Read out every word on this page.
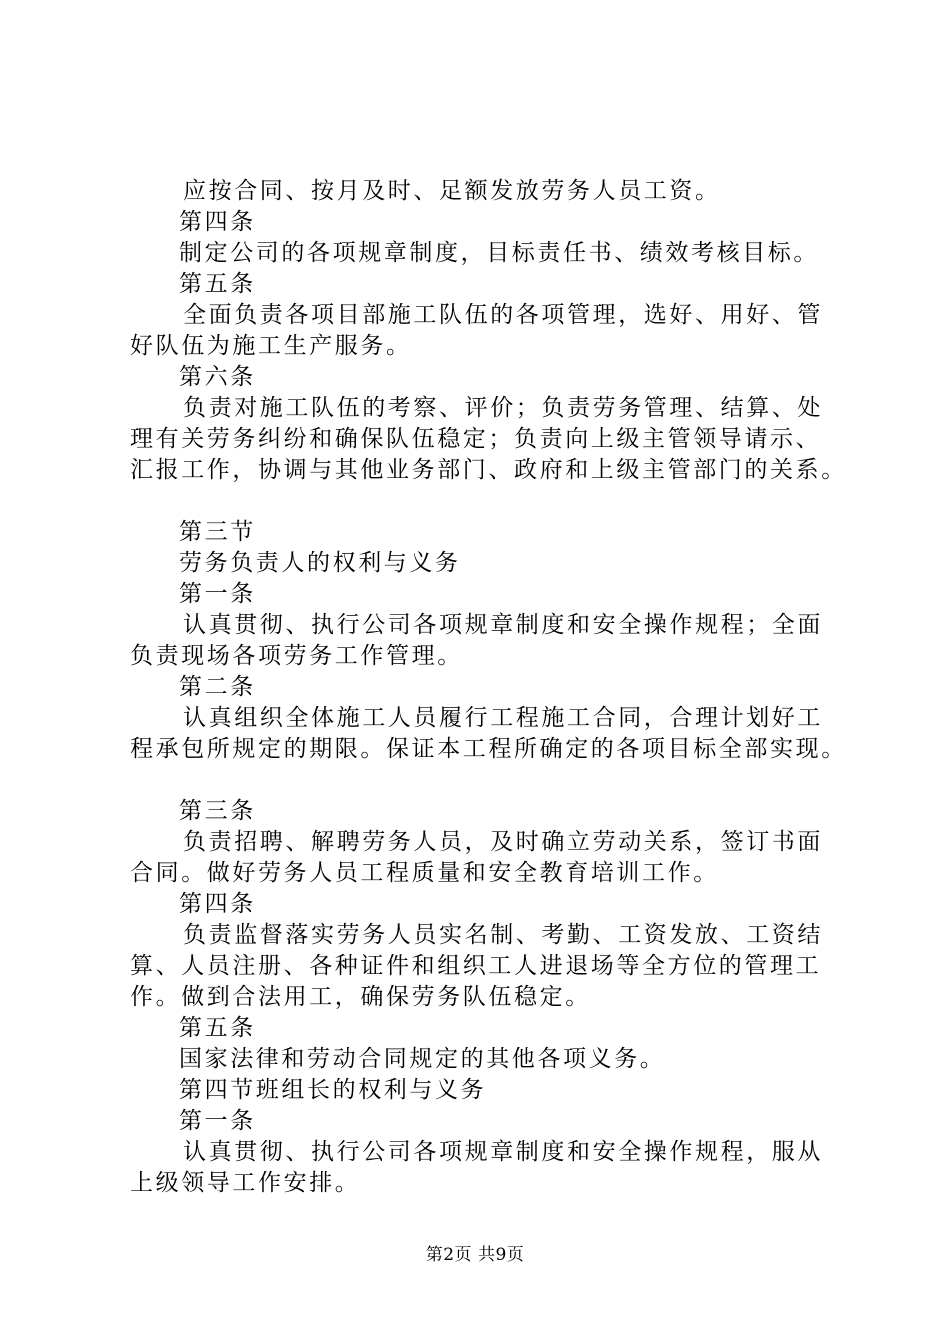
应按合同、按月及时、足额发放劳务人员工资。
第四条
制定公司的各项规章制度，目标责任书、绩效考核目标。
第五条
全面负责各项目部施工队伍的各项管理，选好、用好、管
好队伍为施工生产服务。
第六条
负责对施工队伍的考察、评价；负责劳务管理、结算、处
理有关劳务纠纷和确保队伍稳定；负责向上级主管领导请示、
汇报工作，协调与其他业务部门、政府和上级主管部门的关系。
第三节
劳务负责人的权利与义务
第一条
认真贯彻、执行公司各项规章制度和安全操作规程；全面
负责现场各项劳务工作管理。
第二条
认真组织全体施工人员履行工程施工合同，合理计划好工
程承包所规定的期限。保证本工程所确定的各项目标全部实现。
第三条
负责招聘、解聘劳务人员，及时确立劳动关系，签订书面
合同。做好劳务人员工程质量和安全教育培训工作。
第四条
负责监督落实劳务人员实名制、考勤、工资发放、工资结
算、人员注册、各种证件和组织工人进退场等全方位的管理工
作。做到合法用工，确保劳务队伍稳定。
第五条
国家法律和劳动合同规定的其他各项义务。
第四节班组长的权利与义务
第一条
认真贯彻、执行公司各项规章制度和安全操作规程，服从
上级领导工作安排。
第2页 共9页
